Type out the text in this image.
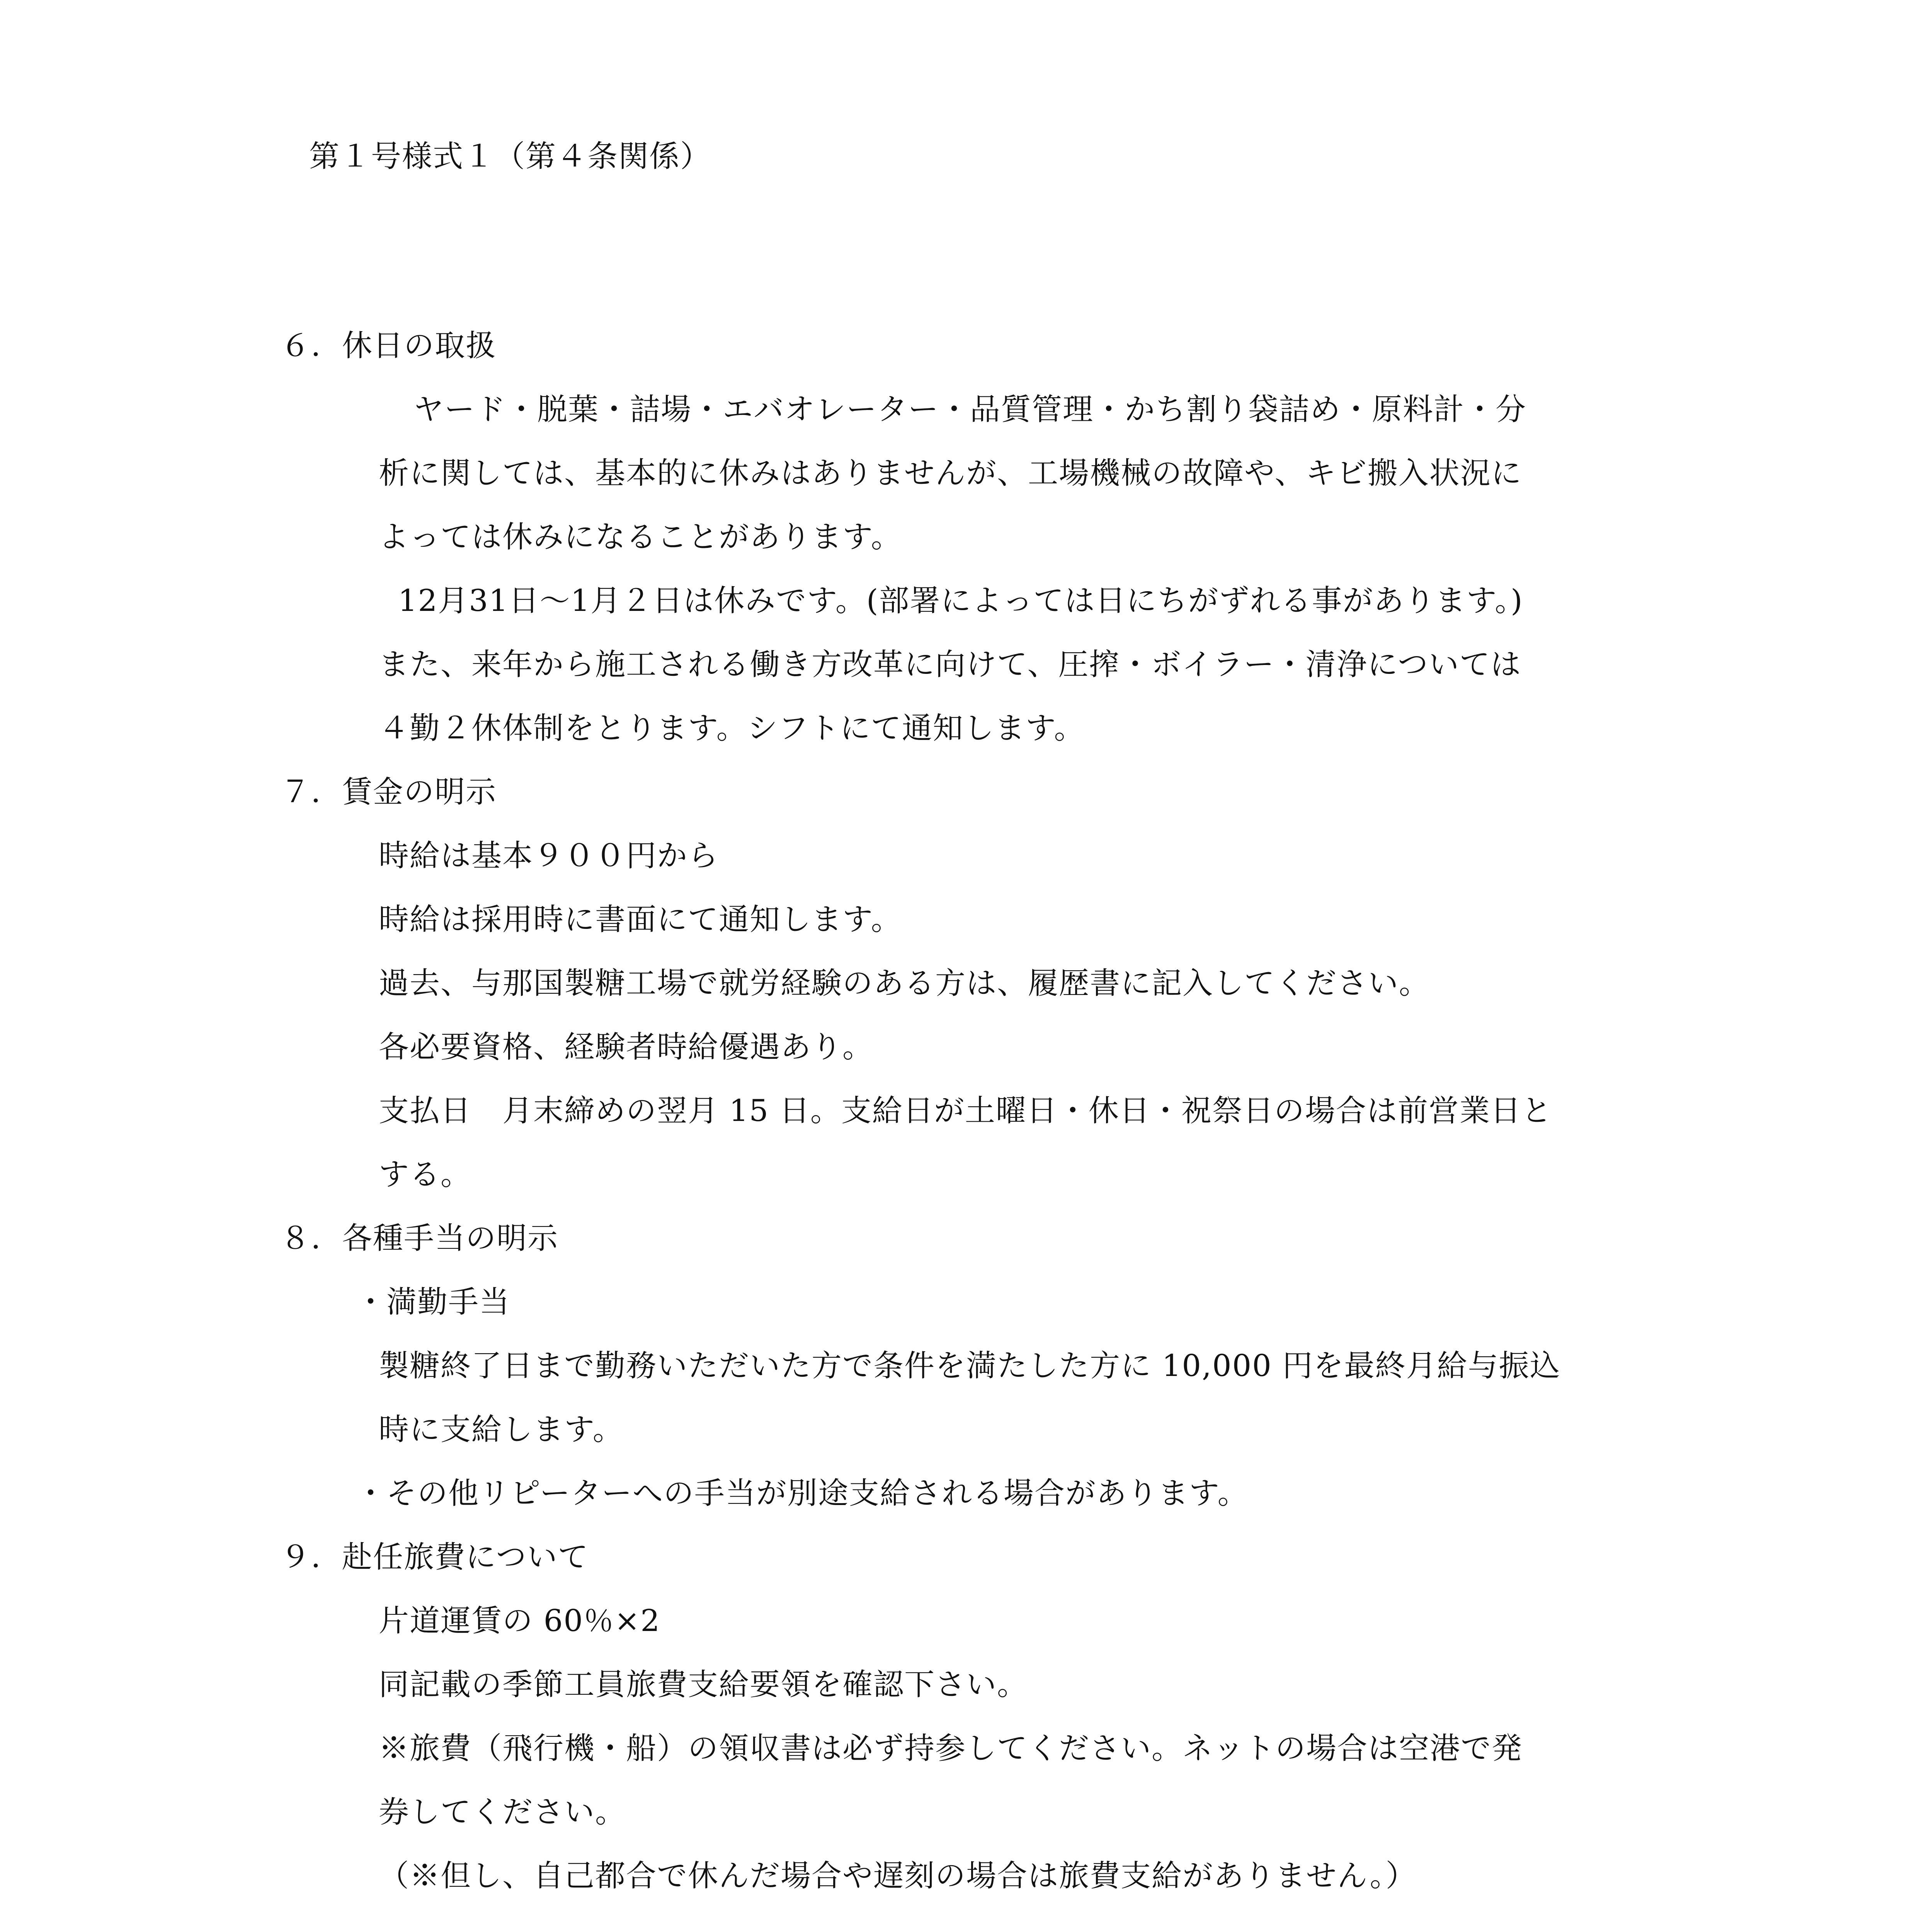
第１号様式１（第４条関係）
６．休日の取扱
ヤード・脱葉・詰場・エバオレーター・品質管理・かち割り袋詰め・原料計・分
析に関しては、基本的に休みはありませんが、工場機械の故障や、キビ搬入状況に
よっては休みになることがあります。
12月31日～1月２日は休みです。(部署によっては日にちがずれる事があります。)
また、来年から施工される働き方改革に向けて、圧搾・ボイラー・清浄については
４勤２休体制をとります。シフトにて通知します。
７．賃金の明示
時給は基本９００円から
時給は採用時に書面にて通知します。
過去、与那国製糖工場で就労経験のある方は、履歴書に記入してください。
各必要資格、経験者時給優遇あり。
支払日　月末締めの翌月 15 日。支給日が土曜日・休日・祝祭日の場合は前営業日と
する。
８．各種手当の明示
・満勤手当
製糖終了日まで勤務いただいた方で条件を満たした方に 10,000 円を最終月給与振込
時に支給します。
・その他リピーターへの手当が別途支給される場合があります。
９．赴任旅費について
片道運賃の 60％×2
同記載の季節工員旅費支給要領を確認下さい。
※旅費（飛行機・船）の領収書は必ず持参してください。ネットの場合は空港で発
券してください。
（※但し、自己都合で休んだ場合や遅刻の場合は旅費支給がありません。）
